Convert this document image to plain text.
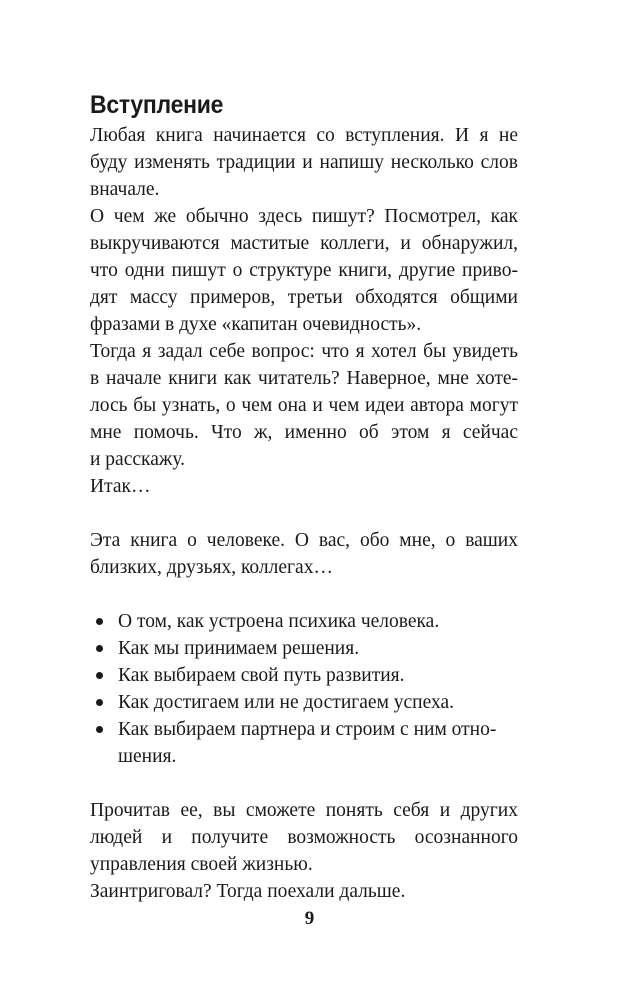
Вступление

Любая книга начинается со вступления. И я не
буду изменять традиции и напишу несколько слов
вначале.

О чем же обычно здесь пишут? Посмотрел, как
выкручиваются маститые коллеги, и обнаружил,
что одни пишут о структуре книги, другие приво-
дят массу примеров, третьи обходятся общими
фразами в духе «капитан очевидность».

Тогда я задал себе вопрос: что я хотел бы увидеть
в начале книги как читатель? Наверное, мне хоте-
лось бы узнать, о чем она и чем идеи автора могут
мне помочь. Что ж, именно об этом я сейчас
и расскажу.

Итак…

Эта книга о человеке. О вас, обо мне, о ваших
близких, друзьях, коллегах…

О том, как устроена психика человека.
Как мы принимаем решения.
Как выбираем свой путь развития.
Как достигаем или не достигаем успеха.
Как выбираем партнера и строим с ним отно-
шения.

Прочитав ее, вы сможете понять себя и других
людей и получите возможность осознанного
управления своей жизнью.

Заинтриговал? Тогда поехали дальше.

9
